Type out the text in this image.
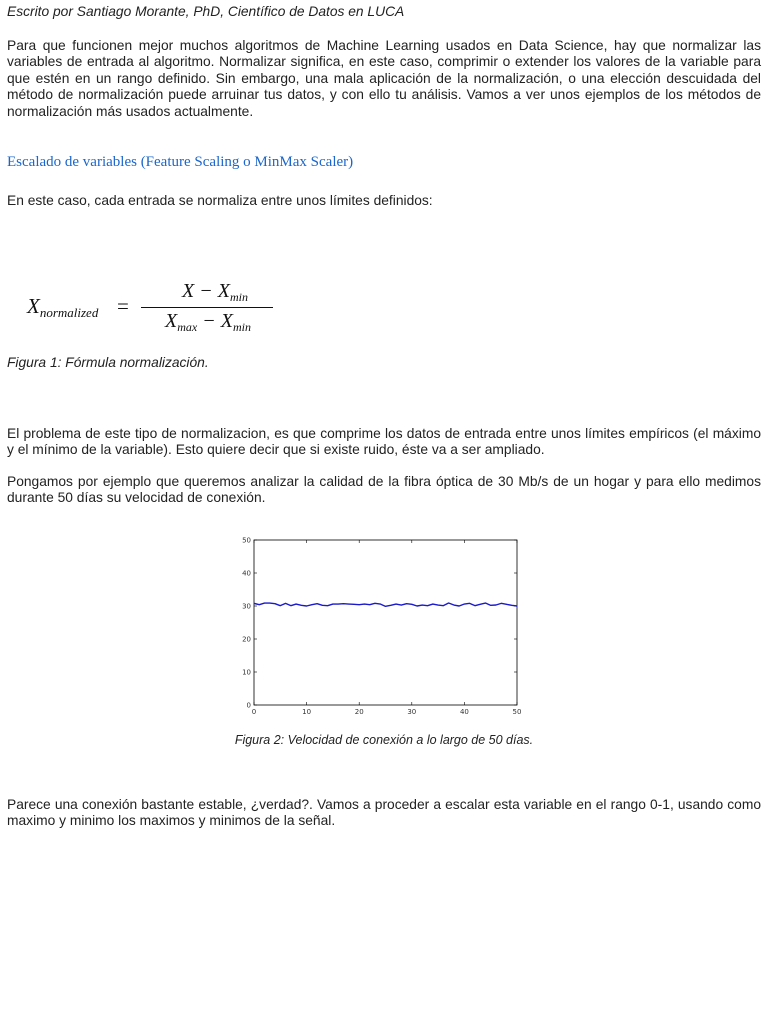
Escrito por Santiago Morante, PhD, Científico de Datos en LUCA

Para que funcionen mejor muchos algoritmos de Machine Learning usados en Data Science, hay que normalizar las variables de entrada al algoritmo. Normalizar significa, en este caso, comprimir o extender los valores de la variable para que estén en un rango definido. Sin embargo, una mala aplicación de la normalización, o una elección descuidada del método de normalización puede arruinar tus datos, y con ello tu análisis. Vamos a ver unos ejemplos de los métodos de normalización más usados actualmente.

Escalado de variables (Feature Scaling o MinMax Scaler)

En este caso, cada entrada se normaliza entre unos límites definidos:

$X_{normalized}$ =
$X - X_{min}$
$X_{max} - X_{min}$

Figura 1: Fórmula normalización.

El problema de este tipo de normalizacion, es que comprime los datos de entrada entre unos límites empíricos (el máximo y el mínimo de la variable). Esto quiere decir que si existe ruido, éste va a ser ampliado.

Pongamos por ejemplo que queremos analizar la calidad de la fibra óptica de 30 Mb/s de un hogar y para ello medimos durante 50 días su velocidad de conexión.

0	10	20	30	40	50
0
10
20
30
40
50

Figura 2: Velocidad de conexión a lo largo de 50 días.

Parece una conexión bastante estable, ¿verdad?. Vamos a proceder a escalar esta variable en el rango 0-1, usando como maximo y minimo los maximos y minimos de la señal.
